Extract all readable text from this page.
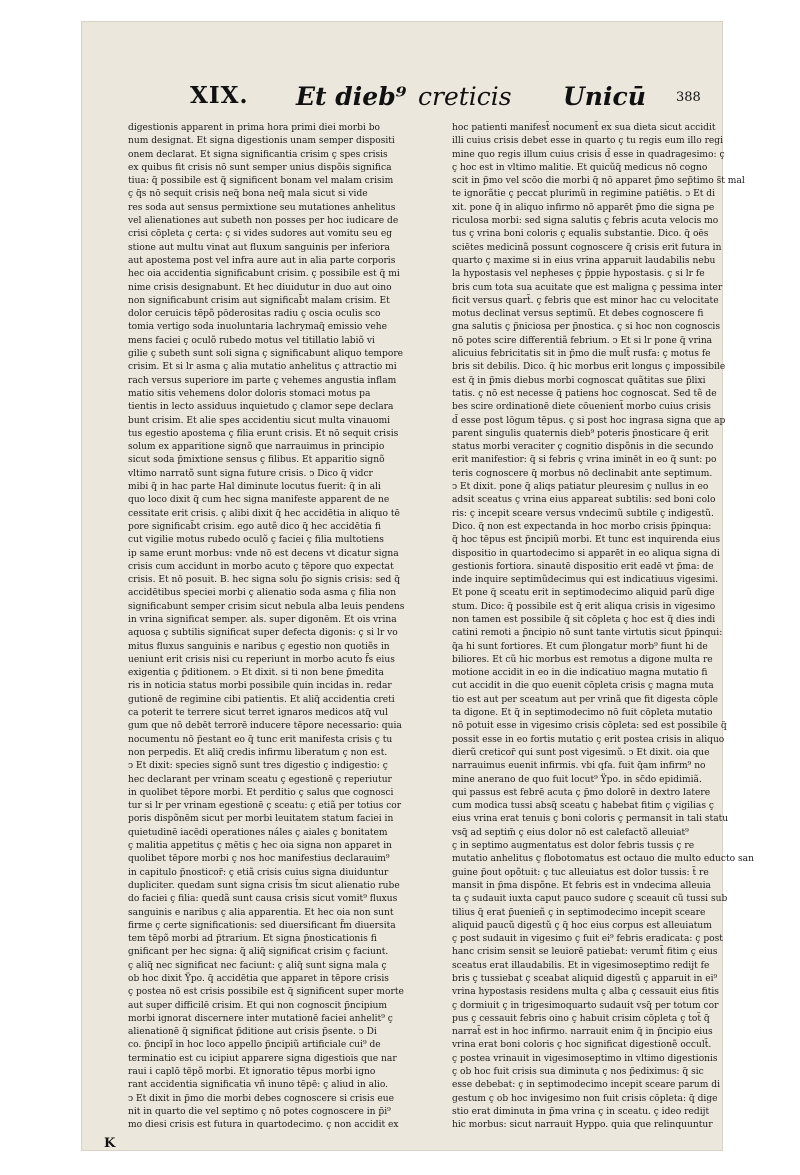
XIX. Et dieb⁹ creticis Unicū 388
digestionis apparent in prima hora primi diei morbi bo
num designat. Et signa digestionis unam semper dispositi
onem declarat. Et signa significantia crisim ç spes crisis
ex quibus fit crisis nō sunt semper unius dispõis significa
tiua: q̃ possibile est q̃ significent bonam vel malam crisim
ç q̃s nō sequit crisis neq̃ bona neq̃ mala sicut si vide
res soda aut sensus permixtione seu mutationes anhelitus
vel alienationes aut subeth non posses per hoc iudicare de
crisi cōpleta ç certa: ç si vides sudores aut vomitu seu eg
stione aut multu vinat aut fluxum sanguinis per inferiora
aut apostema post vel infra aure aut in alia parte corporis
hec oia accidentia significabunt crisim. ç possibile est q̃ mi
nime crisis designabunt. Et hec diuidutur in duo aut oino
non significabunt crisim aut significab̃t malam crisim. Et
dolor ceruicis tēpõ pōderositas radiu ç oscia oculis sco
tomia vertigo soda inuoluntaria lachrymaq̃ emissio vehe
mens faciei ç oculõ rubedo motus vel titillatio labiõ vi
gilie ç subeth sunt soli signa ç significabunt aliquo tempore
crisim. Et si lr asma ç alia mutatio anhelitus ç attractio mi
rach versus superiore im parte ç vehemes angustia inflam
matio sitis vehemens dolor doloris stomaci motus pa
tientis in lecto assiduus inquietudo ç clamor sepe declara
bunt crisim. Et alie spes accidentiu sicut multa vinauomi
tus egestio apostema ç filia erunt crisis. Et nō sequit crisis
solum ex apparitione signõ que narrauimus in principio
sicut soda p̃mixtione sensus ç filibus. Et apparitio signõ
vltimo narratõ sunt signa future crisis. ↄ Dico q̃ vidcr
mibi q̃ in hac parte Hal diminute locutus fuerit: q̃ in ali
quo loco dixit q̃ cum hec signa manifeste apparent de ne
cessitate erit crisis. ç alibi dixit q̃ hec accidētia in aliquo tē
pore significab̃t crisim. ego autẽ dico q̃ hec accidētia fi
cut vigilie motus rubedo oculõ ç faciei ç filia multotiens
ip same erunt morbus: vnde nō est decens vt dicatur signa
crisis cum accidunt in morbo acuto ç tēpore quo expectat
crisis. Et nō posuit. B. hec signa solu p̃o signis crisis: sed q̃
accidētibus speciei morbi ç alienatio soda asma ç filia non
significabunt semper crisim sicut nebula alba leuis pendens
in vrina significat semper. als. super digonēm. Et ois vrina
aquosa ç subtilis significat super defecta digonis: ç si lr vo
mitus fluxus sanguinis e naribus ç egestio non quotiẽs in
ueniunt erit crisis nisi cu reperiunt in morbo acuto f̃s eius
exigentia ç p̃ditionem. ↄ Et dixit. si ti non bene p̃medita
ris in noticia status morbi possibile quin incidas in. redar
gutionē de regimine cibi patientis. Et aliq̃ accidentia creti
ca poterit te terrere sicut terret ignaros medicos atq̃ vul
gum que nō debēt terrorē inducere tēpore necessario: quia
nocumentu nō p̃estant eo q̃ tunc erit manifesta crisis ç tu
non perpedis. Et aliq̃ credis infirmu liberatum ç non est.
ↄ Et dixit: species signõ sunt tres digestio ç indigestio: ç
hec declarant per vrinam sceatu ç egestionē ç reperiutur
in quolibet tēpore morbi. Et perditio ç salus que cognosci
tur si lr per vrinam egestionē ç sceatu: ç etiã per totius cor
poris dispõnēm sicut per morbi leuitatem statum faciei in
quietudinē iacēdi operationes náles ç aiales ç bonitatem
ç malitia appetitus ç mētis ç hec oia signa non apparet in
quolibet tēpore morbi ç nos hoc manifestius declarauim⁹
in capitulo p̃nosticor̃: ç etiã crisis cuius signa diuiduntur
dupliciter. quedam sunt signa crisis t̃m sicut alienatio rube
do faciei ç filia: quedã sunt causa crisis sicut vomit⁹ fluxus
sanguinis e naribus ç alia apparentia. Et hec oia non sunt
firme ç certe significationis: sed diuersificant f̃m diuersita
tem tēpõ morbi ad p̃trarium. Et signa p̃nosticationis fi
gnificant per hec signa: q̃ aliq̃ significat crisim ç faciunt.
ç aliq̃ nec significat nec faciunt: ç aliq̃ sunt signa mala ç
ob hoc dixit Ÿpo. q̃ accidētia que apparet in tēpore crisis
ç postea nō est crisis possibile est q̃ significent super morte
aut super difficilē crisim. Et qui non cognoscit p̃ncipium
morbi ignorat discernere inter mutationē faciei anhelit⁹ ç
alienationē q̃ significat p̃ditione aut crisis p̃sente. ↄ Di
co. p̃ncipĩ in hoc loco appello p̃ncipiũ artificiale cui⁹ de
terminatio est cu icipiut apparere signa digestiois que nar
raui i caplō tēpõ morbi. Et ignoratio tēpus morbi igno
rant accidentia significatia vñ inuno tēpē: ç aliud in alio.
ↄ Et dixit in p̃mo die morbi debes cognoscere si crisis eue
nit in quarto die vel septimo ç nō potes cognoscere in p̃i⁹
mo diesi crisis est futura in quartodecimo. ç non accidit ex
hoc patienti manifest̃ nocument̃ ex sua dieta sicut accidit
illi cuius crisis debet esse in quarto ç tu regis eum illo regi
mine quo regis illum cuius crisis d̃ esse in quadragesimo: ç
ç hoc est in vltimo malitie. Et quicũq̃ medicus nō cogno
scit in p̃mo vel scōo die morbi q̃ nō apparet p̃mo sep̃timo s̃t mal
te ignorãtie ç peccat plurimũ in regimine patiētis. ↄ Et di
xit. pone q̃ in aliquo infirmo nō apparēt p̃mo die signa pe
riculosa morbi: sed signa salutis ç febris acuta velocis mo
tus ç vrina boni coloris ç equalis substantie. Dico. q̃ oēs
sciētes medicinã possunt cognoscere q̃ crisis erit futura in
quarto ç maxime si in eius vrina apparuit laudabilis nebu
la hypostasis vel nepheses ç p̃ppie hypostasis. ç si lr fe
bris cum tota sua acuitate que est maligna ç pessima inter
ficit versus quart̃. ç febris que est minor hac cu velocitate
motus declinat versus septimũ. Et debes cognoscere fi
gna salutis ç p̃niciosa per p̃nostica. ç si hoc non cognoscis
nō potes scire differentiã febrium. ↄ Et si lr pone q̃ vrina
alicuius febricitatis sit in p̃mo die mult̃ rusfa: ç motus fe
bris sit debilis. Dico. q̃ hic morbus erit longus ç impossibile
est q̃ in p̃mis diebus morbi cognoscat quãtitas sue p̃lixi
tatis. ç nō est necesse q̃ patiens hoc cognoscat. Sed tẽ de
bes scire ordinationē diete cōuenient̃ morbo cuius crisis
d̃ esse post lōgum tēpus. ç si post hoc ingrasa signa que ap
parent singulis quaternis dieb⁹ poteris p̃nosticare q̃ erit
status morbi veraciter ç cognitio dispõnis in die secundo
erit manifestior: q̃ si febris ç vrina iminēt in eo q̃ sunt: po
teris cognoscere q̃ morbus nō declinabit ante septimum.
ↄ Et dixit. pone q̃ aliqs patiatur pleuresim ç nullus in eo
adsit sceatus ç vrina eius appareat subtilis: sed boni colo
ris: ç incepit sceare versus vndecimũ subtile ç indigestũ.
Dico. q̃ non est expectanda in hoc morbo crisis p̃pinqua:
q̃ hoc tēpus est p̃ncipiũ morbi. Et tunc est inquirenda eius
dispositio in quartodecimo si apparēt in eo aliqua signa di
gestionis fortiora. sinautē dispositio erit eadē vt p̃ma: de
inde inquire septimũdecimus qui est indicatiuus vigesimi.
Et pone q̃ sceatu erit in septimodecimo aliquid parũ dige
stum. Dico: q̃ possibile est q̃ erit aliqua crisis in vigesimo
non tamen est possibile q̃ sit cōpleta ç hoc est q̃ dies indi
catini remoti a p̃ncipio nō sunt tante virtutis sicut p̃pinqui:
q̃a hi sunt fortiores. Et cum p̃longatur morb⁹ fiunt hi de
biliores. Et cũ hic morbus est remotus a digone multa re
motione accidit in eo in die indicatiuo magna mutatio fi
cut accidit in die quo euenit cōpleta crisis ç magna muta
tio est aut per sceatum aut per vrinã que fit digesta cōple
ta digone. Et q̃ in septimodecimo nō fuit cōpleta mutatio
nō potuit esse in vigesimo crisis cōpleta: sed est possibile q̃
possit esse in eo fortis mutatio ç erit postea crisis in aliquo
dierũ creticor̃ qui sunt post vigesimũ. ↄ Et dixit. oia que
narrauimus euenit infirmis. vbi qfa. fuit q̃am infirm⁹ no
mine anerano de quo fuit locut⁹ Ÿpo. in sc̃do epidimiã.
qui passus est febrē acuta ç p̃mo dolorē in dextro latere
cum modica tussi absq̃ sceatu ç habebat fitim ç vigilias ç
eius vrina erat tenuis ç boni coloris ç permansit in tali statu
vsq̃ ad septim̃ ç eius dolor nō est calefactõ alleuiat⁹
ç in septimo augmentatus est dolor febris tussis ç re
mutatio anhelitus ç flobotomatus est octauo die multo educto san
guine p̃out opõtuit: ç tuc alleuiatus est dolor tussis: t̃ re
mansit in p̃ma dispõne. Et febris est in vndecima alleuia
ta ç sudauit iuxta caput pauco sudore ç sceauit cũ tussi sub
tilius q̃ erat p̃uenieñ ç in septimodecimo incepit sceare
aliquid paucũ digestũ ç q̃ hoc eius corpus est alleuiatum
ç post sudauit in vigesimo ç fuit ei⁹ febris eradicata: ç post
hanc crisim sensit se leuiorē patiebat: verumt̃ fitim ç eius
sceatus erat illaudabilis. Et in vigesimoseptimo redijt fe
bris ç tussiebat ç sceabat aliquid digestũ ç apparuit in ei⁹
vrina hypostasis residens multa ç alba ç cessauit eius fitis
ç dormiuit ç in trigesimoquarto sudauit vsq̃ per totum cor
pus ç cessauit febris oino ç habuit crisim cōpleta ç tot̃ q̃
narrat̃ est in hoc infirmo. narrauit enim q̃ in p̃ncipio eius
vrina erat boni coloris ç hoc significat digestionẽ occult̃.
ç postea vrinauit in vigesimoseptimo in vltimo digestionis
ç ob hoc fuit crisis sua diminuta ç nos p̃ediximus: q̃ sic
esse debebat: ç in septimodecimo incepit sceare parum di
gestum ç ob hoc invigesimo non fuit crisis cōpleta: q̃ dige
stio erat diminuta in p̃ma vrina ç in sceatu. ç ideo redijt
hic morbus: sicut narrauit Hyppo. quia que relinquuntur
K
